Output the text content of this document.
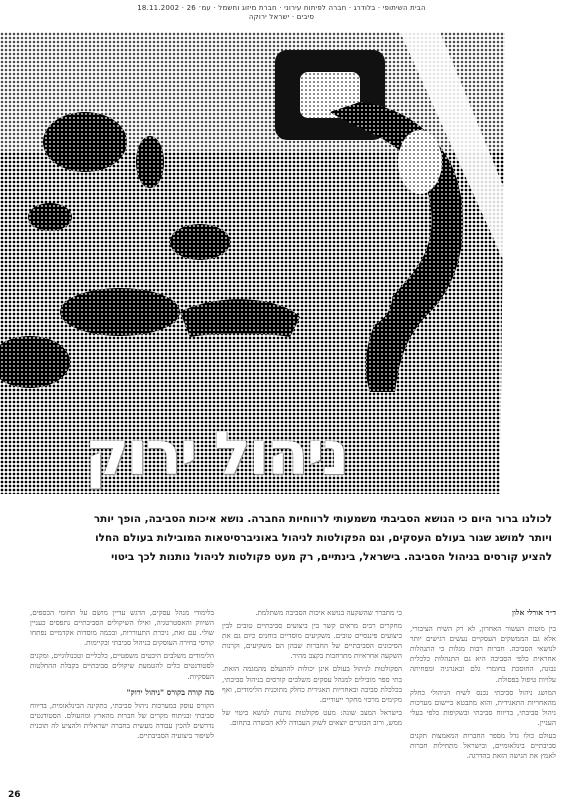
18.11.2002 · הבית השיתופי · בלודרג · חברה לפיתוח עירוני · חברת מיזוג וחשמל · עמ׳ 26
סיבים · ישראל ירוקה
ניהול ירוק
לכולנו ברור היום כי הנושא הסביבתי משמעותי לרווחיות החברה. נושא איכות הסביבה, הופך יותר
ויותר למושג שגור בעולם העסקים, וגם הפקולטות לניהול באוניברסיטאות המובילות בעולם החלו
להציע קורסים בניהול הסביבה. בישראל, בינתיים, רק מעט פקולטות לניהול נותנות לכך ביטוי

ד״ר אורלי אלון

בין מוטות העשור האחרון, לא רק השיח הציבורי, אלא גם הממשקים העסקיים נעשים רגישים יותר לנושאי הסביבה. חברות רבות מגלות כי התנהלות אחראית כלפי הסביבה היא גם התנהלות כלכלית נבונה, החוסכת בחומרי גלם ובאנרגיה ומפחיתה עלויות טיפול בפסולת.

המושג ניהול סביבתי נכנס לשיח הניהולי כחלק מהאחריות התאגידית, והוא מתבטא ביישום מערכות ניהול סביבתי, בדיווח סביבתי ובשקיפות כלפי בעלי העניין.

בעולם כולו גדל מספר החברות המאמצות תקנים סביבתיים בינלאומיים, ובישראל מתחילות חברות לאמץ את הגישה הזאת בהדרגה.

כי מתברר שהשקעה בנושא איכות הסביבה משתלמת.

מחקרים רבים מראים קשר בין ביצועים סביבתיים טובים לבין ביצועים פיננסיים טובים. משקיעים מוסדיים בוחנים כיום גם את הסיכונים הסביבתיים של החברות שבהן הם משקיעים, וקרנות השקעה אחראיות מתרחבות בקצב מהיר.

הפקולטות לניהול בעולם אינן יכולות להתעלם מהמגמה הזאת. בתי ספר מובילים למנהל עסקים משלבים קורסים בניהול סביבתי, בכלכלת סביבה ובאחריות תאגידית כחלק מתוכנית הלימודים, ואף מקימים מרכזי מחקר ייעודיים.

בישראל המצב שונה: מעט פקולטות נותנות לנושא ביטוי של ממש, ורוב הבוגרים יוצאים לשוק העבודה ללא הכשרה בתחום.

בלימודי מנהל עסקים, הדגש עדיין מושם על תחומי הכספים, השיווק והאסטרטגיה, ואילו השיקולים הסביבתיים נתפסים כעניין שולי. עם זאת, ניכרת התעוררות, ובכמה מוסדות אקדמיים נפתחו קורסי בחירה העוסקים בניהול סביבתי ובקיימות.

הלימודים משלבים היבטים משפטיים, כלכליים וטכנולוגיים, ומקנים לסטודנטים כלים להטמעת שיקולים סביבתיים בקבלת ההחלטות העסקיות.

מה קורה בקורס "ניהול ירוק"

הקורס עוסק במערכות ניהול סביבתי, בתקינה הבינלאומית, בדיווח סביבתי ובניתוח מקרים של חברות מהארץ ומהעולם. הסטודנטים נדרשים להכין עבודה מעשית בחברה ישראלית ולהציע לה תוכנית לשיפור ביצועיה הסביבתיים.

26
